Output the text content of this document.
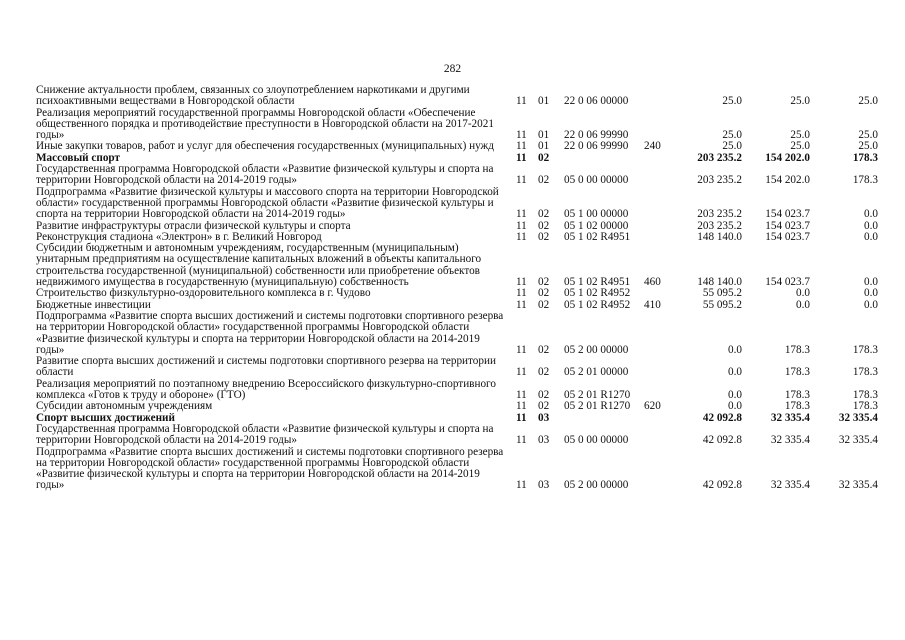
282
Снижение актуальности проблем, связанных со злоупотреблением наркотиками и другими психоактивными веществами в Новгородской области	11	01	22 0 06 00000		25.0	25.0	25.0
Реализация мероприятий государственной программы Новгородской области «Обеспечение общественного порядка и противодействие преступности в Новгородской области на 2017-2021 годы»	11	01	22 0 06 99990		25.0	25.0	25.0
Иные закупки товаров, работ и услуг для обеспечения государственных (муниципальных) нужд	11	01	22 0 06 99990	240	25.0	25.0	25.0
Массовый спорт	11	02			203 235.2	154 202.0	178.3
Государственная программа Новгородской области «Развитие физической культуры и спорта на территории Новгородской области на 2014-2019 годы»	11	02	05 0 00 00000		203 235.2	154 202.0	178.3
Подпрограмма «Развитие физической культуры и массового спорта на территории Новгородской области» государственной программы Новгородской области «Развитие физической культуры и спорта на территории Новгородской области на 2014-2019 годы»	11	02	05 1 00 00000		203 235.2	154 023.7	0.0
Развитие инфраструктуры отрасли физической культуры и спорта	11	02	05 1 02 00000		203 235.2	154 023.7	0.0
Реконструкция стадиона «Электрон» в г. Великий Новгород	11	02	05 1 02 R4951		148 140.0	154 023.7	0.0
Субсидии бюджетным и автономным учреждениям, государственным (муниципальным) унитарным предприятиям на осуществление капитальных вложений в объекты капитального строительства государственной (муниципальной) собственности или приобретение объектов недвижимого имущества в государственную (муниципальную) собственность	11	02	05 1 02 R4951	460	148 140.0	154 023.7	0.0
Строительство физкультурно-оздоровительного комплекса в г. Чудово	11	02	05 1 02 R4952		55 095.2	0.0	0.0
Бюджетные инвестиции	11	02	05 1 02 R4952	410	55 095.2	0.0	0.0
Подпрограмма «Развитие спорта высших достижений и системы подготовки спортивного резерва на территории Новгородской области» государственной программы Новгородской области «Развитие физической культуры и спорта на территории Новгородской области на 2014-2019 годы»	11	02	05 2 00 00000		0.0	178.3	178.3
Развитие спорта высших достижений и системы подготовки спортивного резерва на территории области	11	02	05 2 01 00000		0.0	178.3	178.3
Реализация мероприятий по поэтапному внедрению Всероссийского физкультурно-спортивного комплекса «Готов к труду и обороне» (ГТО)	11	02	05 2 01 R1270		0.0	178.3	178.3
Субсидии автономным учреждениям	11	02	05 2 01 R1270	620	0.0	178.3	178.3
Спорт высших достижений	11	03			42 092.8	32 335.4	32 335.4
Государственная программа Новгородской области «Развитие физической культуры и спорта на территории Новгородской области на 2014-2019 годы»	11	03	05 0 00 00000		42 092.8	32 335.4	32 335.4
Подпрограмма «Развитие спорта высших достижений и системы подготовки спортивного резерва на территории Новгородской области» государственной программы Новгородской области «Развитие физической культуры и спорта на территории Новгородской области на 2014-2019 годы»	11	03	05 2 00 00000		42 092.8	32 335.4	32 335.4
